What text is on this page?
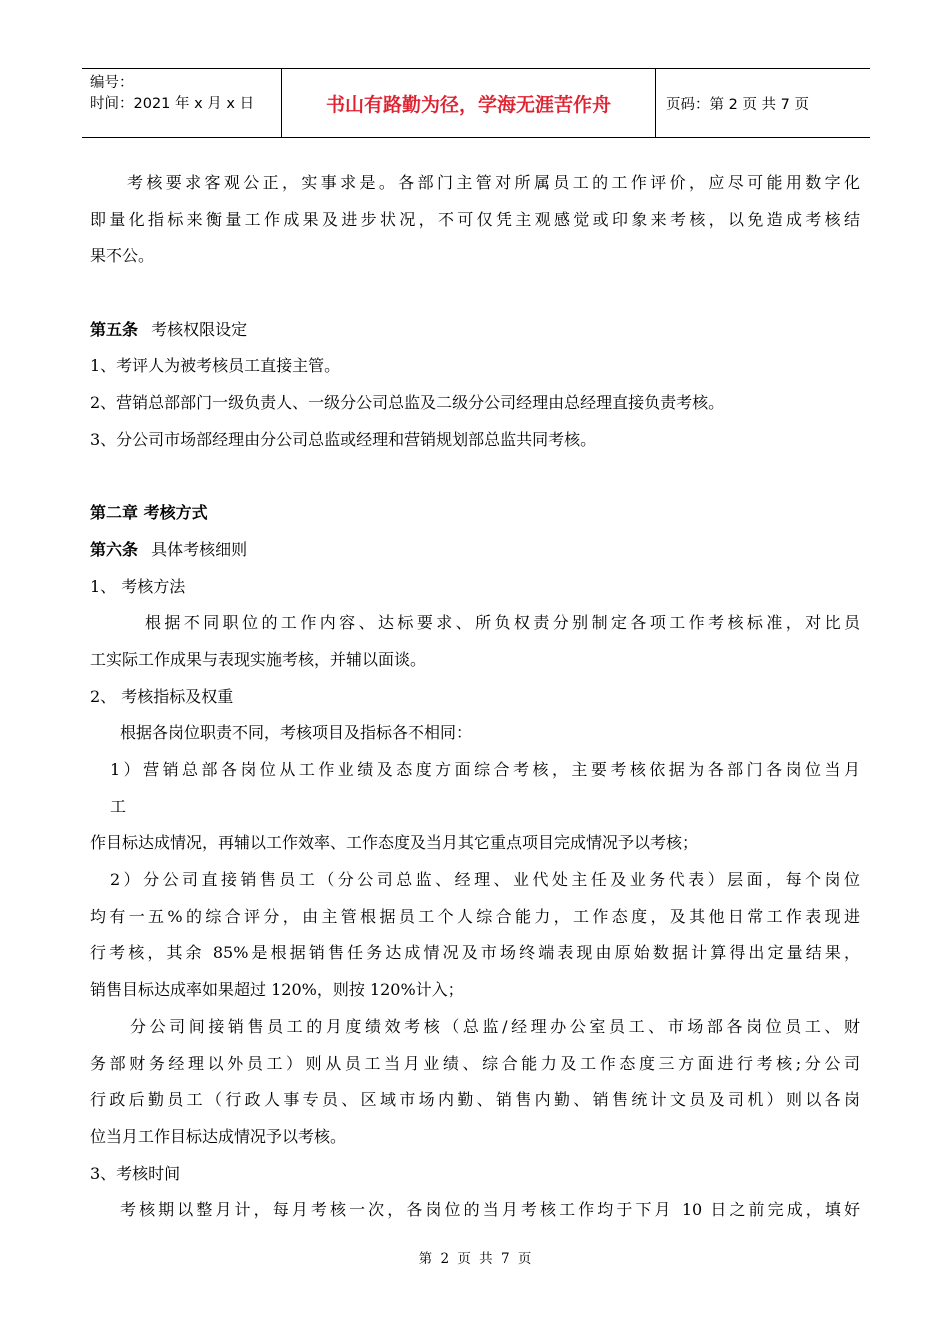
编号：
时间：2021 年 x 月 x 日	书山有路勤为径，学海无涯苦作舟	页码：第 2 页 共 7 页
考核要求客观公正，实事求是。各部门主管对所属员工的工作评价，应尽可能用数字化
即量化指标来衡量工作成果及进步状况，不可仅凭主观感觉或印象来考核，以免造成考核结
果不公。
第五条 考核权限设定
1、考评人为被考核员工直接主管。
2、营销总部部门一级负责人、一级分公司总监及二级分公司经理由总经理直接负责考核。
3、分公司市场部经理由分公司总监或经理和营销规划部总监共同考核。
第二章 考核方式
第六条 具体考核细则
1、 考核方法
根据不同职位的工作内容、达标要求、所负权责分别制定各项工作考核标准，对比员
工实际工作成果与表现实施考核，并辅以面谈。
2、 考核指标及权重
根据各岗位职责不同，考核项目及指标各不相同：
1）营销总部各岗位从工作业绩及态度方面综合考核，主要考核依据为各部门各岗位当月
工
作目标达成情况，再辅以工作效率、工作态度及当月其它重点项目完成情况予以考核；
2）分公司直接销售员工（分公司总监、经理、业代处主任及业务代表）层面，每个岗位
均有一五%的综合评分，由主管根据员工个人综合能力，工作态度，及其他日常工作表现进
行考核，其余 85%是根据销售任务达成情况及市场终端表现由原始数据计算得出定量结果，
销售目标达成率如果超过 120%，则按 120%计入；
分公司间接销售员工的月度绩效考核（总监/经理办公室员工、市场部各岗位员工、财
务部财务经理以外员工）则从员工当月业绩、综合能力及工作态度三方面进行考核;分公司
行政后勤员工（行政人事专员、区域市场内勤、销售内勤、销售统计文员及司机）则以各岗
位当月工作目标达成情况予以考核。
3、考核时间
考核期以整月计，每月考核一次，各岗位的当月考核工作均于下月 10 日之前完成，填好
第 2 页 共 7 页
